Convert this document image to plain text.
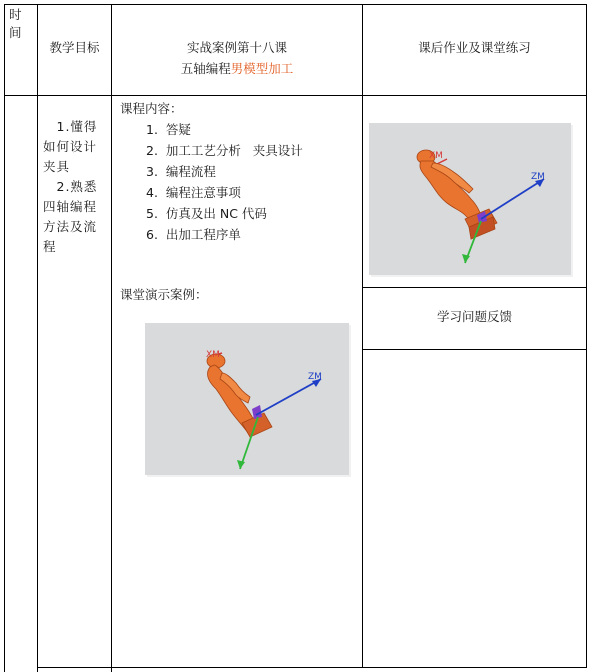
时
间
教学目标	实战案例第十八课
五轴编程男模型加工
课后作业及课堂练习
　1.懂得如何设计夹具
　2.熟悉四轴编程方法及流程
课程内容：
1.  答疑
2.  加工工艺分析   夹具设计
3.  编程流程
4.  编程注意事项
5.  仿真及出 NC 代码
6.  出加工程序单
课堂演示案例：
学习问题反馈
XM
ZM
XM
ZM
